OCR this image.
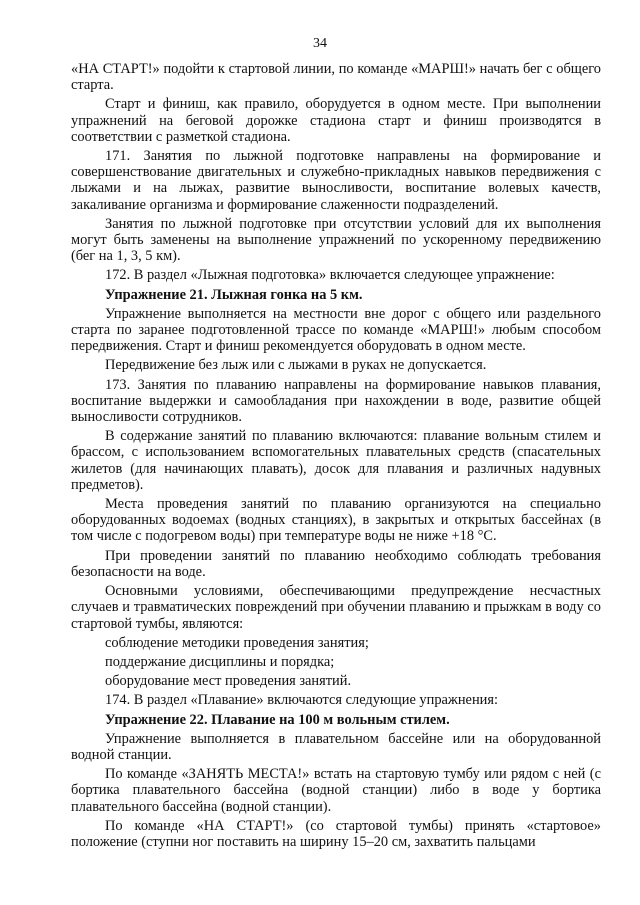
34

«НА СТАРТ!» подойти к стартовой линии, по команде «МАРШ!» начать бег с общего старта.

Старт и финиш, как правило, оборудуется в одном месте. При выполнении упражнений на беговой дорожке стадиона старт и финиш производятся в соответствии с разметкой стадиона.

171. Занятия по лыжной подготовке направлены на формирование и совершенствование двигательных и служебно-прикладных навыков передвижения с лыжами и на лыжах, развитие выносливости, воспитание волевых качеств, закаливание организма и формирование слаженности подразделений.

Занятия по лыжной подготовке при отсутствии условий для их выполнения могут быть заменены на выполнение упражнений по ускоренному передвижению (бег на 1, 3, 5 км).

172. В раздел «Лыжная подготовка» включается следующее упражнение:

Упражнение 21. Лыжная гонка на 5 км.

Упражнение выполняется на местности вне дорог с общего или раздельного старта по заранее подготовленной трассе по команде «МАРШ!» любым способом передвижения. Старт и финиш рекомендуется оборудовать в одном месте.

Передвижение без лыж или с лыжами в руках не допускается.

173. Занятия по плаванию направлены на формирование навыков плавания, воспитание выдержки и самообладания при нахождении в воде, развитие общей выносливости сотрудников.

В содержание занятий по плаванию включаются: плавание вольным стилем и брассом, с использованием вспомогательных плавательных средств (спасательных жилетов (для начинающих плавать), досок для плавания и различных надувных предметов).

Места проведения занятий по плаванию организуются на специально оборудованных водоемах (водных станциях), в закрытых и открытых бассейнах (в том числе с подогревом воды) при температуре воды не ниже +18 °С.

При проведении занятий по плаванию необходимо соблюдать требования безопасности на воде.

Основными условиями, обеспечивающими предупреждение несчастных случаев и травматических повреждений при обучении плаванию и прыжкам в воду со стартовой тумбы, являются:

соблюдение методики проведения занятия;

поддержание дисциплины и порядка;

оборудование мест проведения занятий.

174. В раздел «Плавание» включаются следующие упражнения:

Упражнение 22. Плавание на 100 м вольным стилем.

Упражнение выполняется в плавательном бассейне или на оборудованной водной станции.

По команде «ЗАНЯТЬ МЕСТА!» встать на стартовую тумбу или рядом с ней (с бортика плавательного бассейна (водной станции) либо в воде у бортика плавательного бассейна (водной станции).

По команде «НА СТАРТ!» (со стартовой тумбы) принять «стартовое» положение (ступни ног поставить на ширину 15–20 см, захватить пальцами
